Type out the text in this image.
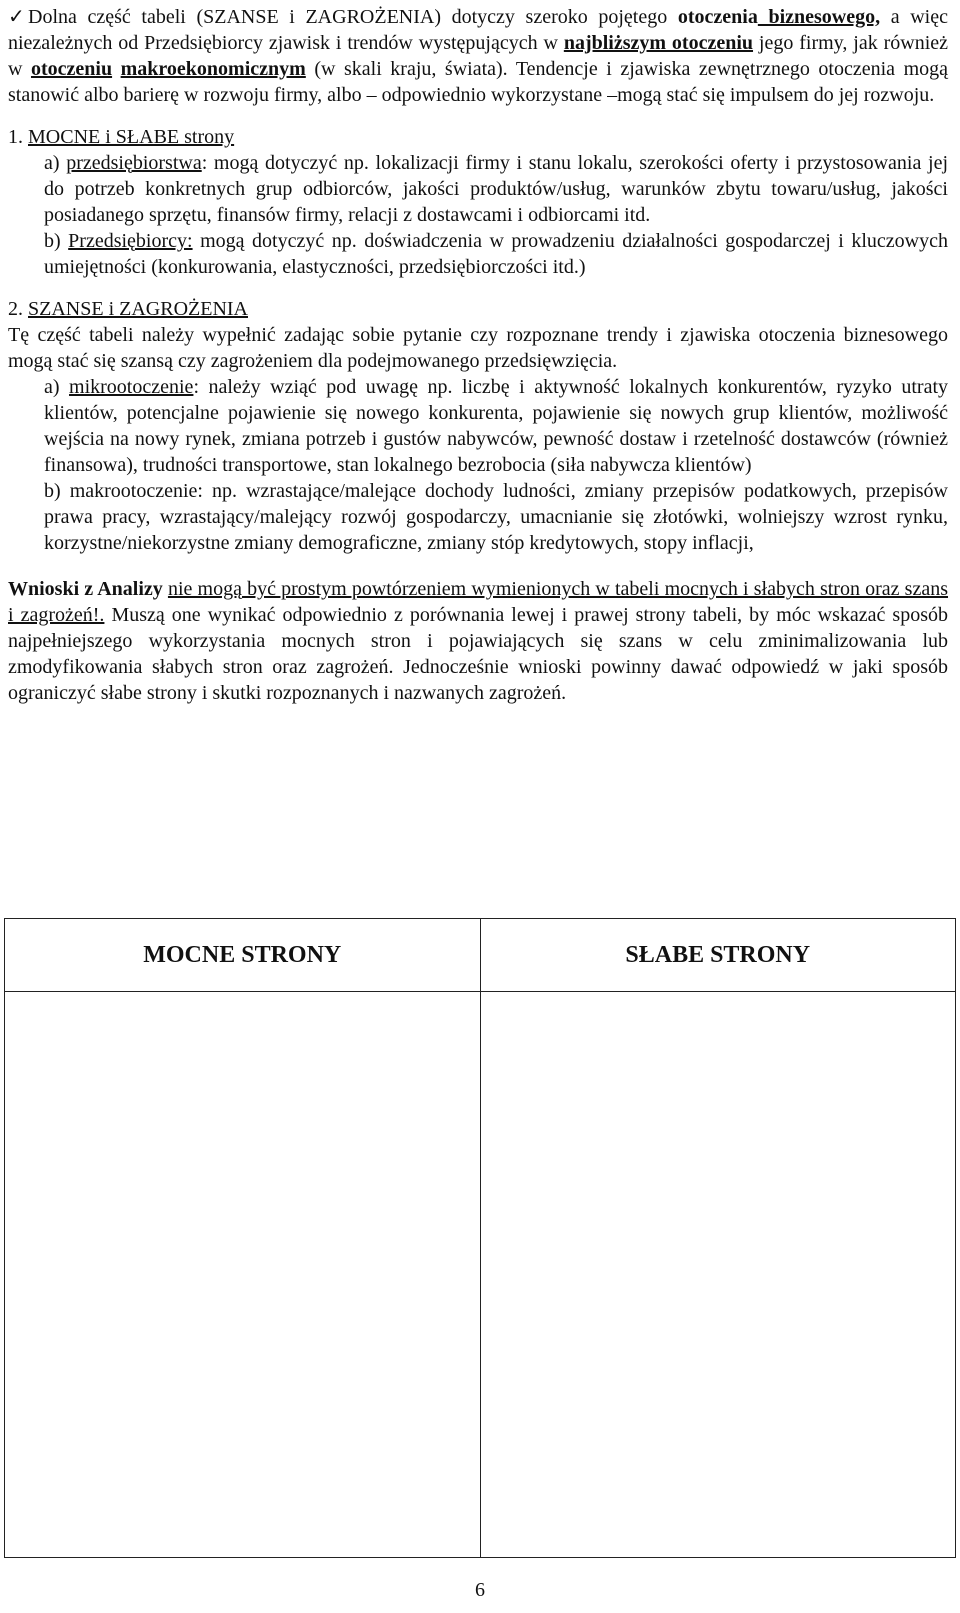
✓ Dolna część tabeli (SZANSE i ZAGROŻENIA) dotyczy szeroko pojętego otoczenia biznesowego, a więc niezależnych od Przedsiębiorcy zjawisk i trendów występujących w najbliższym otoczeniu jego firmy, jak również w otoczeniu makroekonomicznym (w skali kraju, świata). Tendencje i zjawiska zewnętrznego otoczenia mogą stanowić albo barierę w rozwoju firmy, albo – odpowiednio wykorzystane –mogą stać się impulsem do jej rozwoju.

1. MOCNE i SŁABE strony

a) przedsiębiorstwa: mogą dotyczyć np. lokalizacji firmy i stanu lokalu, szerokości oferty i przystosowania jej do potrzeb konkretnych grup odbiorców, jakości produktów/usług, warunków zbytu towaru/usług, jakości posiadanego sprzętu, finansów firmy, relacji z dostawcami i odbiorcami itd.

b) Przedsiębiorcy: mogą dotyczyć np. doświadczenia w prowadzeniu działalności gospodarczej i kluczowych umiejętności (konkurowania, elastyczności, przedsiębiorczości itd.)

2. SZANSE i ZAGROŻENIA

Tę część tabeli należy wypełnić zadając sobie pytanie czy rozpoznane trendy i zjawiska otoczenia biznesowego mogą stać się szansą czy zagrożeniem dla podejmowanego przedsięwzięcia.

a) mikrootoczenie: należy wziąć pod uwagę np. liczbę i aktywność lokalnych konkurentów, ryzyko utraty klientów, potencjalne pojawienie się nowego konkurenta, pojawienie się nowych grup klientów, możliwość wejścia na nowy rynek, zmiana potrzeb i gustów nabywców, pewność dostaw i rzetelność dostawców (również finansowa), trudności transportowe, stan lokalnego bezrobocia (siła nabywcza klientów)

b) makrootoczenie: np. wzrastające/malejące dochody ludności, zmiany przepisów podatkowych, przepisów prawa pracy, wzrastający/malejący rozwój gospodarczy, umacnianie się złotówki, wolniejszy wzrost rynku, korzystne/niekorzystne zmiany demograficzne, zmiany stóp kredytowych, stopy inflacji,

Wnioski z Analizy nie mogą być prostym powtórzeniem wymienionych w tabeli mocnych i słabych stron oraz szans i zagrożeń!. Muszą one wynikać odpowiednio z porównania lewej i prawej strony tabeli, by móc wskazać sposób najpełniejszego wykorzystania mocnych stron i pojawiających się szans w celu zminimalizowania lub zmodyfikowania słabych stron oraz zagrożeń. Jednocześnie wnioski powinny dawać odpowiedź w jaki sposób ograniczyć słabe strony i skutki rozpoznanych i nazwanych zagrożeń.

MOCNE STRONY	SŁABE STRONY

6
